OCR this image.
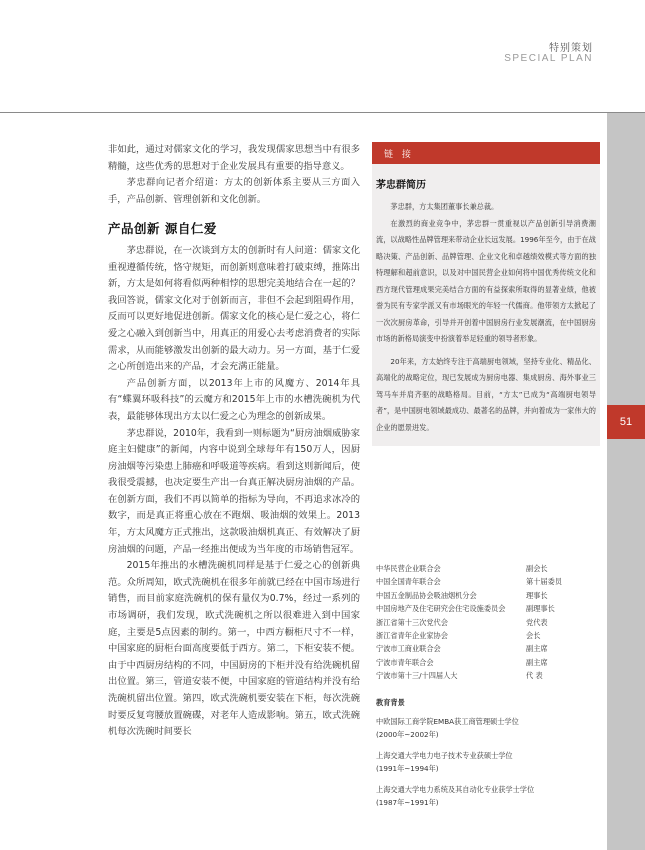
特别策划
SPECIAL PLAN
51

非如此，通过对儒家文化的学习，我发现儒家思想当中有很多精髓，这些优秀的思想对于企业发展具有重要的指导意义。

茅忠群向记者介绍道：方太的创新体系主要从三方面入手，产品创新、管理创新和文化创新。

产品创新 源自仁爱

茅忠群说，在一次谈到方太的创新时有人问道：儒家文化重视遵循传统，恪守规矩，而创新则意味着打破束缚，推陈出新，方太是如何将看似两种相悖的思想完美地结合在一起的？我回答说，儒家文化对于创新而言，非但不会起到阻碍作用，反而可以更好地促进创新。儒家文化的核心是仁爱之心，将仁爱之心融入到创新当中，用真正的用爱心去考虑消费者的实际需求，从而能够激发出创新的最大动力。另一方面，基于仁爱之心所创造出来的产品，才会充满正能量。

产品创新方面，以2013年上市的风魔方、2014年具有“蝶翼环吸科技”的云魔方和2015年上市的水槽洗碗机为代表，最能够体现出方太以仁爱之心为理念的创新成果。

茅忠群说，2010年，我看到一则标题为“厨房油烟威胁家庭主妇健康”的新闻，内容中说到全球每年有150万人，因厨房油烟等污染患上肺癌和呼吸道等疾病。看到这则新闻后，使我很受震撼，也决定要生产出一台真正解决厨房油烟的产品。在创新方面，我们不再以简单的指标为导向，不再追求冰冷的数字，而是真正将重心放在不跑烟、吸油烟的效果上。2013年，方太风魔方正式推出，这款吸油烟机真正、有效解决了厨房油烟的问题，产品一经推出便成为当年度的市场销售冠军。

2015年推出的水槽洗碗机同样是基于仁爱之心的创新典范。众所周知，欧式洗碗机在很多年前就已经在中国市场进行销售，而目前家庭洗碗机的保有量仅为0.7%，经过一系列的市场调研，我们发现，欧式洗碗机之所以很难进入到中国家庭，主要是5点因素的制约。第一，中西方橱柜尺寸不一样，中国家庭的厨柜台面高度要低于西方。第二，下柜安装不便。由于中西厨房结构的不同，中国厨房的下柜并没有给洗碗机留出位置。第三，管道安装不便，中国家庭的管道结构并没有给洗碗机留出位置。第四，欧式洗碗机要安装在下柜，每次洗碗时要反复弯腰放置碗碟，对老年人造成影响。第五，欧式洗碗机每次洗碗时间要长

链 接
茅忠群简历

茅忠群，方太集团董事长兼总裁。

在激烈的商业竞争中，茅忠群一贯重视以产品创新引导消费潮流，以战略性品牌管理来带动企业长远发展。1996年至今，由于在战略决策、产品创新、品牌管理、企业文化和卓越绩效模式等方面的独特理解和超前意识，以及对中国民营企业如何将中国优秀传统文化和西方现代管理成果完美结合方面的有益探索所取得的显著业绩，他被誉为民有专家学派又有市场眼光的年轻一代儒商。他带领方太掀起了一次次厨房革命，引导并开创着中国厨房行业发展潮流，在中国厨房市场的新格局演变中扮演着举足轻重的领导者形象。

20年来，方太始终专注于高端厨电领域，坚持专业化、精品化、高端化的战略定位，现已发展成为厨房电器、集成厨房、海外事业三驾马车并肩齐驱的战略格局。目前，“方太”已成为“高端厨电领导者”，是中国厨电领域最成功、最著名的品牌，并向着成为一家伟大的企业的愿景进发。

中华民营企业联合会	副会长
中国全国青年联合会	第十届委员
中国五金制品协会吸油烟机分会	理事长
中国房地产及住宅研究会住宅设施委员会	副理事长
浙江省第十三次党代会	党代表
浙江省青年企业家协会	会长
宁波市工商业联合会	副主席
宁波市青年联合会	副主席
宁波市第十三/十四届人大	代 表
教育背景
中欧国际工商学院EMBA获工商管理硕士学位
(2000年~2002年)
上海交通大学电力电子技术专业获硕士学位
(1991年~1994年)
上海交通大学电力系统及其自动化专业获学士学位
(1987年~1991年)
